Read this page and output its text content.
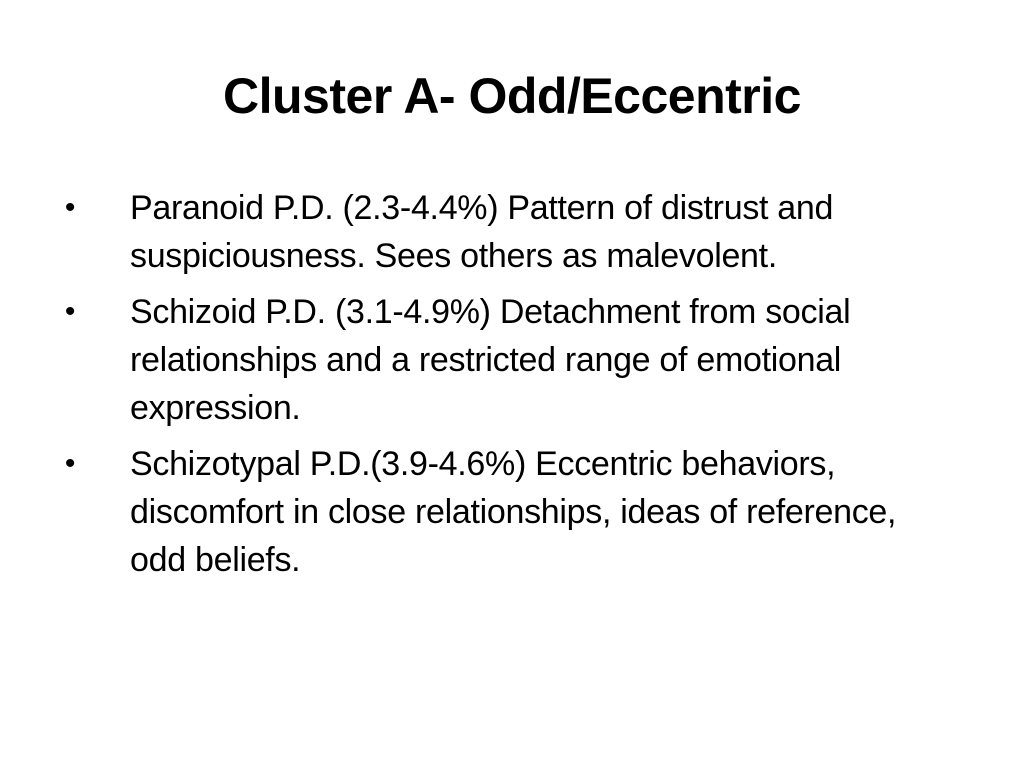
Cluster A- Odd/Eccentric
• Paranoid P.D. (2.3-4.4%) Pattern of distrust and suspiciousness. Sees others as malevolent.
• Schizoid P.D. (3.1-4.9%) Detachment from social relationships and a restricted range of emotional expression.
• Schizotypal P.D.(3.9-4.6%) Eccentric behaviors, discomfort in close relationships, ideas of reference, odd beliefs.
